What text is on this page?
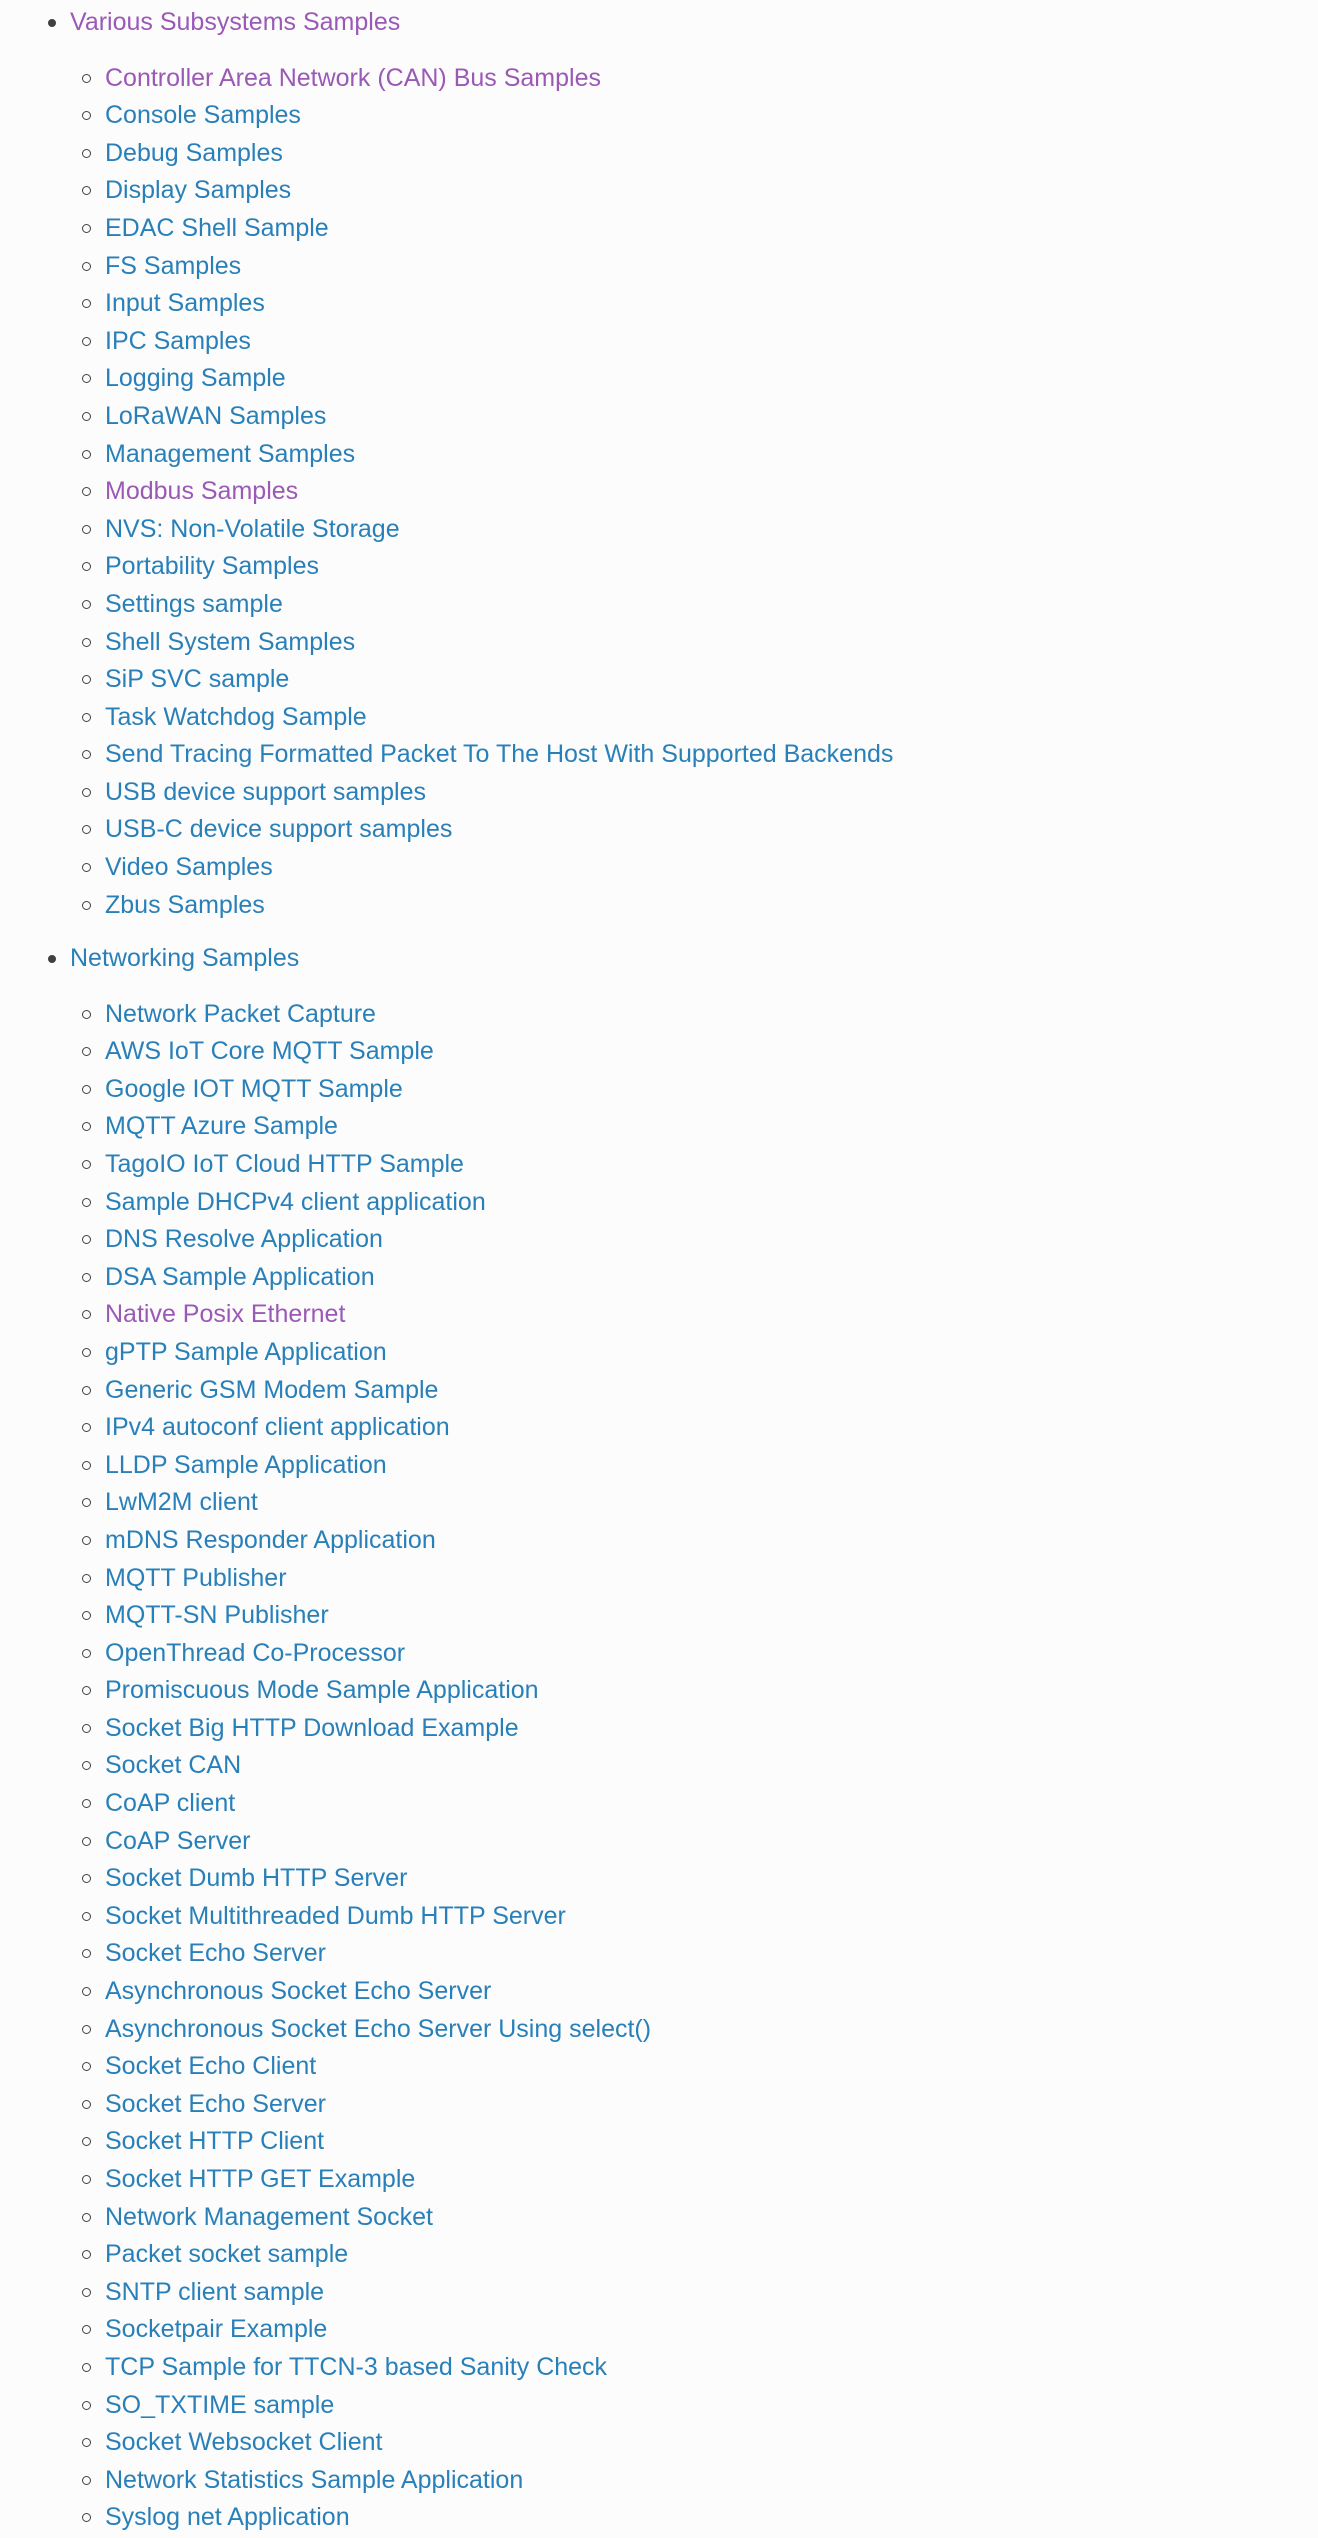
Various Subsystems Samples
Controller Area Network (CAN) Bus Samples
Console Samples
Debug Samples
Display Samples
EDAC Shell Sample
FS Samples
Input Samples
IPC Samples
Logging Sample
LoRaWAN Samples
Management Samples
Modbus Samples
NVS: Non-Volatile Storage
Portability Samples
Settings sample
Shell System Samples
SiP SVC sample
Task Watchdog Sample
Send Tracing Formatted Packet To The Host With Supported Backends
USB device support samples
USB-C device support samples
Video Samples
Zbus Samples
Networking Samples
Network Packet Capture
AWS IoT Core MQTT Sample
Google IOT MQTT Sample
MQTT Azure Sample
TagoIO IoT Cloud HTTP Sample
Sample DHCPv4 client application
DNS Resolve Application
DSA Sample Application
Native Posix Ethernet
gPTP Sample Application
Generic GSM Modem Sample
IPv4 autoconf client application
LLDP Sample Application
LwM2M client
mDNS Responder Application
MQTT Publisher
MQTT-SN Publisher
OpenThread Co-Processor
Promiscuous Mode Sample Application
Socket Big HTTP Download Example
Socket CAN
CoAP client
CoAP Server
Socket Dumb HTTP Server
Socket Multithreaded Dumb HTTP Server
Socket Echo Server
Asynchronous Socket Echo Server
Asynchronous Socket Echo Server Using select()
Socket Echo Client
Socket Echo Server
Socket HTTP Client
Socket HTTP GET Example
Network Management Socket
Packet socket sample
SNTP client sample
Socketpair Example
TCP Sample for TTCN-3 based Sanity Check
SO_TXTIME sample
Socket Websocket Client
Network Statistics Sample Application
Syslog net Application
